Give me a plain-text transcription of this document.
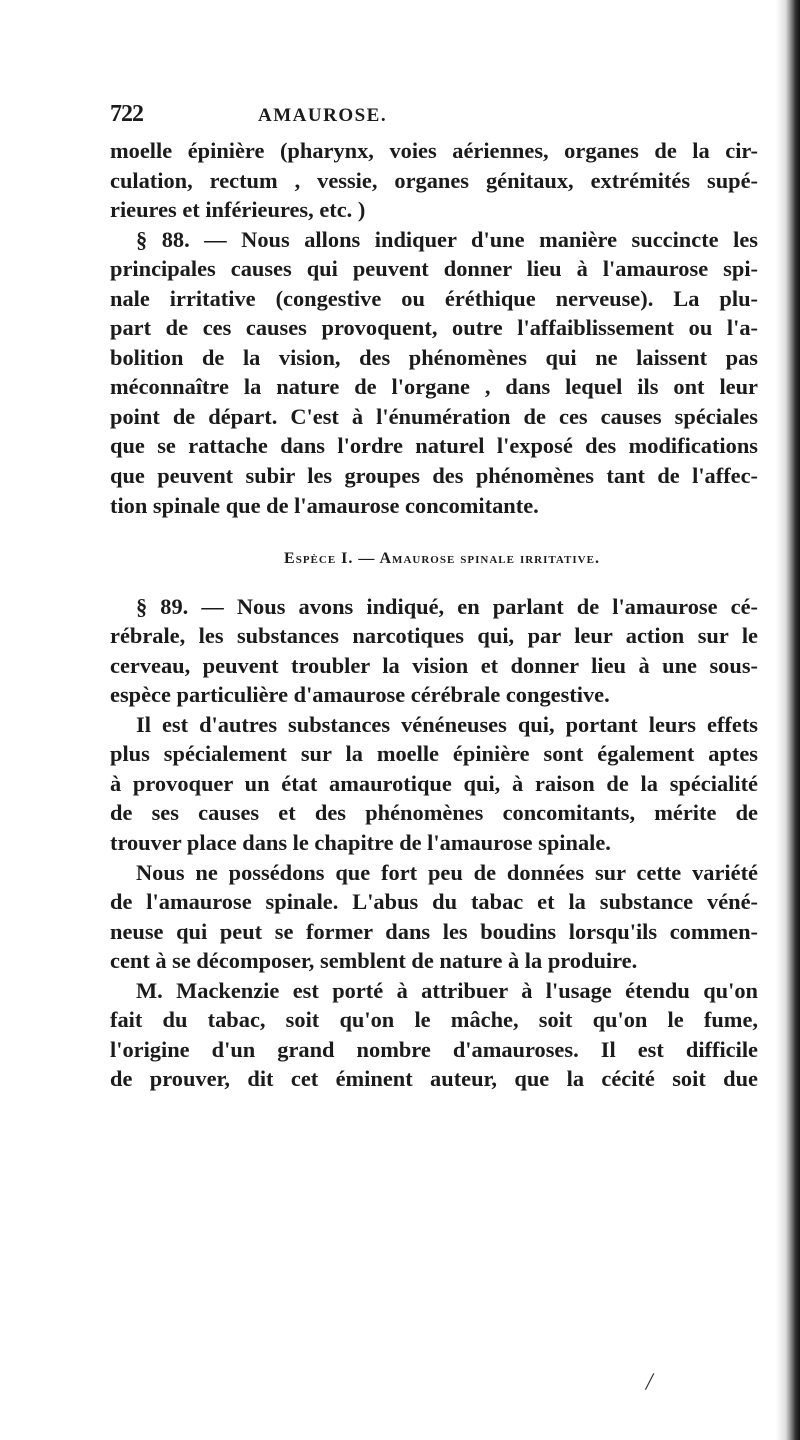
722	AMAUROSE.
moelle épinière (pharynx, voies aériennes, organes de la cir-
culation, rectum , vessie, organes génitaux, extrémités supé-
rieures et inférieures, etc. )
§ 88. — Nous allons indiquer d'une manière succincte les
principales causes qui peuvent donner lieu à l'amaurose spi-
nale irritative (congestive ou éréthique nerveuse). La plu-
part de ces causes provoquent, outre l'affaiblissement ou l'a-
bolition de la vision, des phénomènes qui ne laissent pas
méconnaître la nature de l'organe , dans lequel ils ont leur
point de départ. C'est à l'énumération de ces causes spéciales
que se rattache dans l'ordre naturel l'exposé des modifications
que peuvent subir les groupes des phénomènes tant de l'affec-
tion spinale que de l'amaurose concomitante.
Espèce I. — Amaurose spinale irritative.
§ 89. — Nous avons indiqué, en parlant de l'amaurose cé-
rébrale, les substances narcotiques qui, par leur action sur le
cerveau, peuvent troubler la vision et donner lieu à une sous-
espèce particulière d'amaurose cérébrale congestive.
Il est d'autres substances vénéneuses qui, portant leurs effets
plus spécialement sur la moelle épinière sont également aptes
à provoquer un état amaurotique qui, à raison de la spécialité
de ses causes et des phénomènes concomitants, mérite de
trouver place dans le chapitre de l'amaurose spinale.
Nous ne possédons que fort peu de données sur cette variété
de l'amaurose spinale. L'abus du tabac et la substance véné-
neuse qui peut se former dans les boudins lorsqu'ils commen-
cent à se décomposer, semblent de nature à la produire.
M. Mackenzie est porté à attribuer à l'usage étendu qu'on
fait du tabac, soit qu'on le mâche, soit qu'on le fume,
l'origine d'un grand nombre d'amauroses. Il est difficile
de prouver, dit cet éminent auteur, que la cécité soit due
/
